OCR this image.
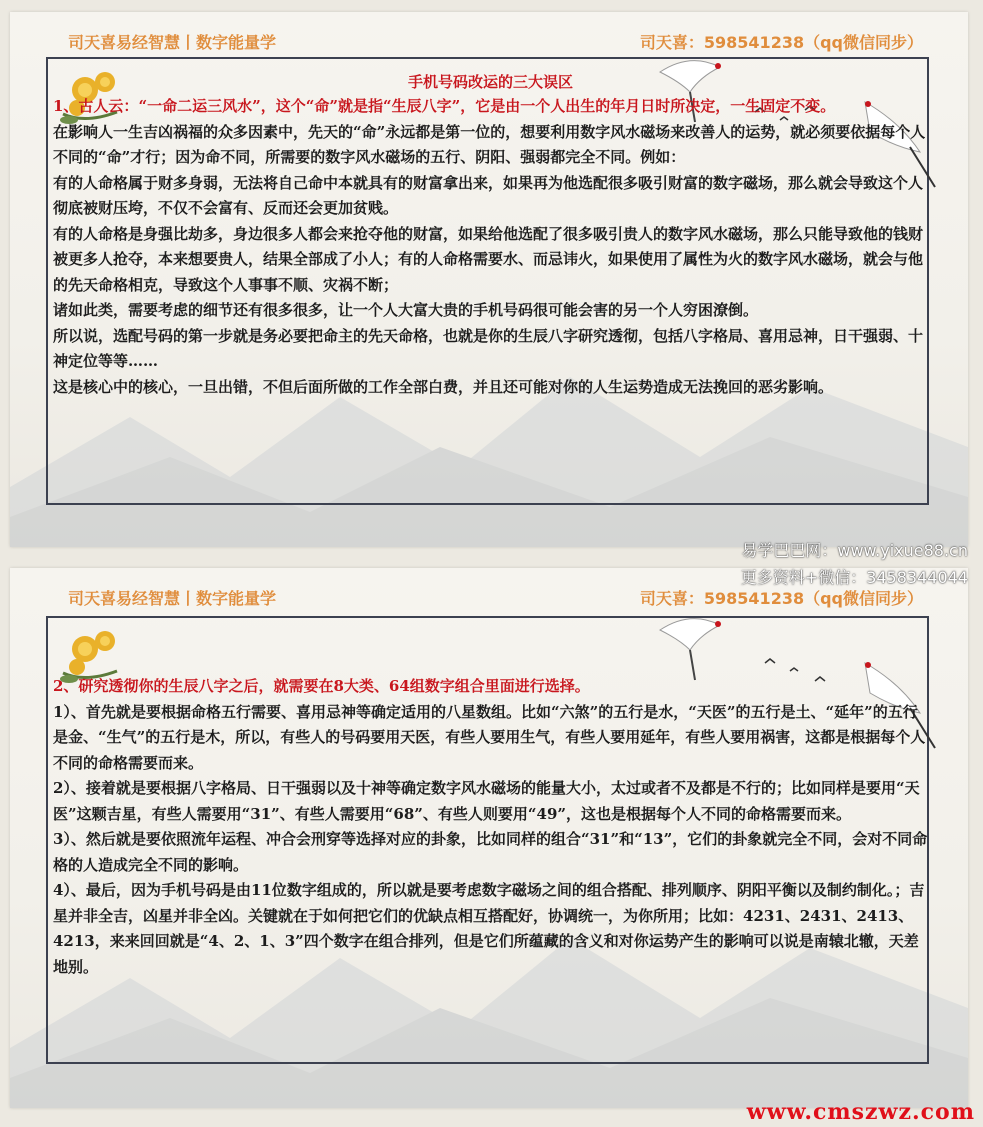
司天喜易经智慧丨数字能量学	司天喜：598541238（qq微信同步）
手机号码改运的三大误区

1、古人云：“一命二运三风水”，这个“命”就是指“生辰八字”，它是由一个人出生的年月日时所决定，一生固定不变。

在影响人一生吉凶祸福的众多因素中，先天的“命”永远都是第一位的，想要利用数字风水磁场来改善人的运势，就必须要依据每个人不同的“命”才行；因为命不同，所需要的数字风水磁场的五行、阴阳、强弱都完全不同。例如：

有的人命格属于财多身弱，无法将自己命中本就具有的财富拿出来，如果再为他选配很多吸引财富的数字磁场，那么就会导致这个人彻底被财压垮，不仅不会富有、反而还会更加贫贱。

有的人命格是身强比劫多，身边很多人都会来抢夺他的财富，如果给他选配了很多吸引贵人的数字风水磁场，那么只能导致他的钱财被更多人抢夺，本来想要贵人，结果全部成了小人；有的人命格需要水、而忌讳火，如果使用了属性为火的数字风水磁场，就会与他的先天命格相克，导致这个人事事不顺、灾祸不断；

诸如此类，需要考虑的细节还有很多很多，让一个人大富大贵的手机号码很可能会害的另一个人穷困潦倒。

所以说，选配号码的第一步就是务必要把命主的先天命格，也就是你的生辰八字研究透彻，包括八字格局、喜用忌神，日干强弱、十神定位等等……

这是核心中的核心，一旦出错，不但后面所做的工作全部白费，并且还可能对你的人生运势造成无法挽回的恶劣影响。

司天喜易经智慧丨数字能量学	司天喜：598541238（qq微信同步）

2、研究透彻你的生辰八字之后，就需要在8大类、64组数字组合里面进行选择。

1）、首先就是要根据命格五行需要、喜用忌神等确定适用的八星数组。比如“六煞”的五行是水，“天医”的五行是土、“延年”的五行是金、“生气”的五行是木，所以，有些人的号码要用天医，有些人要用生气，有些人要用延年，有些人要用祸害，这都是根据每个人不同的命格需要而来。

2）、接着就是要根据八字格局、日干强弱以及十神等确定数字风水磁场的能量大小，太过或者不及都是不行的；比如同样是要用“天医”这颗吉星，有些人需要用“31”、有些人需要用“68”、有些人则要用“49”，这也是根据每个人不同的命格需要而来。

3）、然后就是要依照流年运程、冲合会刑穿等选择对应的卦象，比如同样的组合“31”和“13”，它们的卦象就完全不同，会对不同命格的人造成完全不同的影响。

4）、最后，因为手机号码是由11位数字组成的，所以就是要考虑数字磁场之间的组合搭配、排列顺序、阴阳平衡以及制约制化。；吉星并非全吉，凶星并非全凶。关键就在于如何把它们的优缺点相互搭配好，协调统一，为你所用；比如：4231、2431、2413、4213，来来回回就是“4、2、1、3”四个数字在组合排列，但是它们所蕴藏的含义和对你运势产生的影响可以说是南辕北辙，天差地别。

易学巴巴网：www.yixue88.cn
更多资料+微信：3458344044
www.cmszwz.com
